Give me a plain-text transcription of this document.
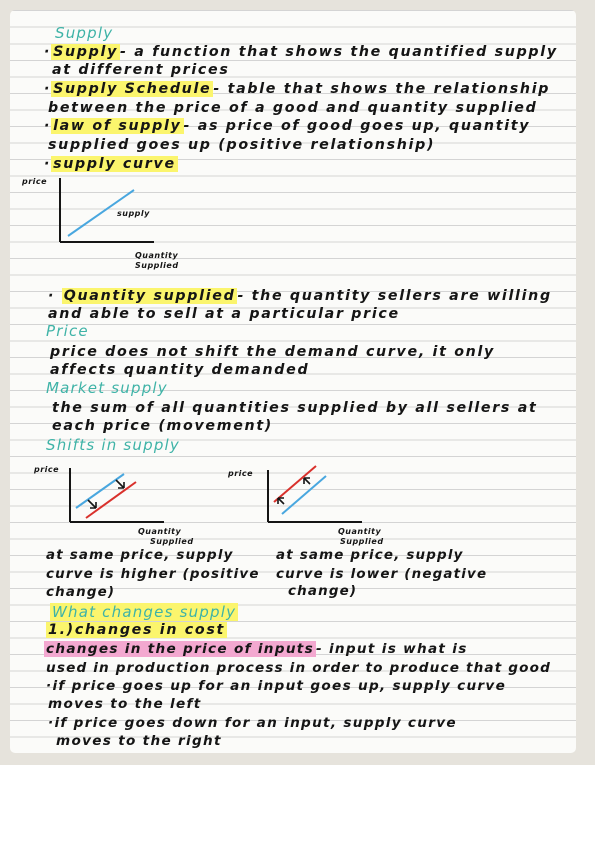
Supply
· Supply - a function that shows the quantified supply
at different prices
· Supply Schedule - table that shows the relationship
between the price of a good and quantity supplied
· law of supply - as price of good goes up, quantity
supplied goes up (positive relationship)
· supply curve
price
supply
Quantity
Supplied
· Quantity supplied - the quantity sellers are willing
and able to sell at a particular price
Price
price does not shift the demand curve, it only
affects quantity demanded
Market supply
the sum of all quantities supplied by all sellers at
each price (movement)
Shifts in supply
price
Quantity
Supplied
price
Quantity
Supplied
at same price, supply
curve is higher (positive
change)
at same price, supply
curve is lower (negative
change)
What changes supply
1.)changes in cost
changes in the price of inputs - input is what is
used in production process in order to produce that good
·if price goes up for an input goes up, supply curve
moves to the left
·if price goes down for an input, supply curve
moves to the right
